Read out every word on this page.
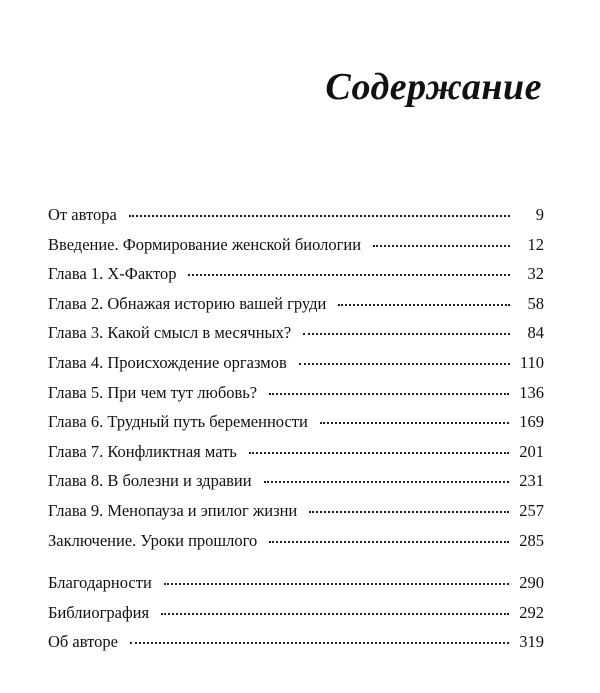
Содержание
От автора	9
Введение. Формирование женской биологии	12
Глава 1. Х-Фактор	32
Глава 2. Обнажая историю вашей груди	58
Глава 3. Какой смысл в месячных?	84
Глава 4. Происхождение оргазмов	110
Глава 5. При чем тут любовь?	136
Глава 6. Трудный путь беременности	169
Глава 7. Конфликтная мать	201
Глава 8. В болезни и здравии	231
Глава 9. Менопауза и эпилог жизни	257
Заключение. Уроки прошлого	285
Благодарности	290
Библиография	292
Об авторе	319
